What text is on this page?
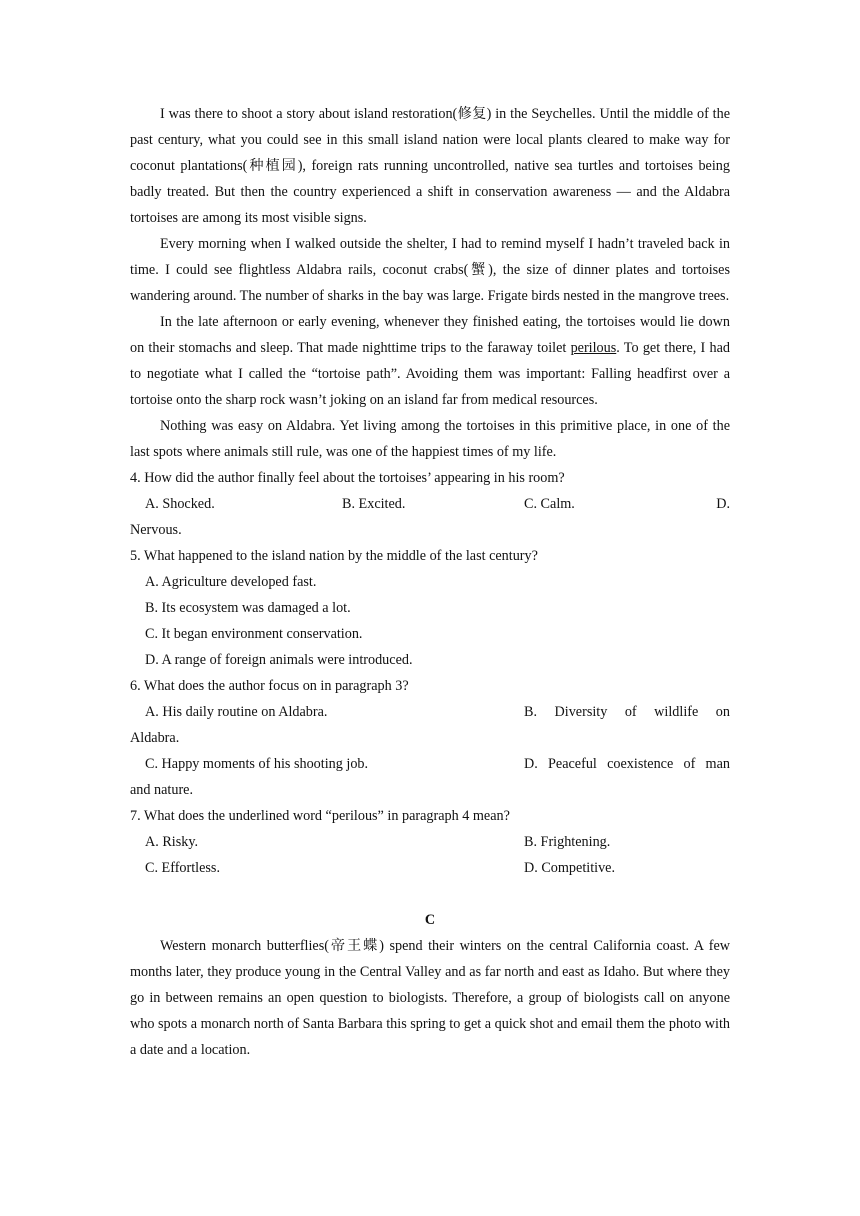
I was there to shoot a story about island restoration(修复) in the Seychelles. Until the middle of the past century, what you could see in this small island nation were local plants cleared to make way for coconut plantations(种植园), foreign rats running uncontrolled, native sea turtles and tortoises being badly treated. But then the country experienced a shift in conservation awareness — and the Aldabra tortoises are among its most visible signs.

Every morning when I walked outside the shelter, I had to remind myself I hadn’t traveled back in time. I could see flightless Aldabra rails, coconut crabs(蟹), the size of dinner plates and tortoises wandering around. The number of sharks in the bay was large. Frigate birds nested in the mangrove trees.

In the late afternoon or early evening, whenever they finished eating, the tortoises would lie down on their stomachs and sleep. That made nighttime trips to the faraway toilet perilous. To get there, I had to negotiate what I called the “tortoise path”. Avoiding them was important: Falling headfirst over a tortoise onto the sharp rock wasn’t joking on an island far from medical resources.

Nothing was easy on Aldabra. Yet living among the tortoises in this primitive place, in one of the last spots where animals still rule, was one of the happiest times of my life.

4. How did the author finally feel about the tortoises’ appearing in his room?

A. Shocked.	B. Excited.	C. Calm.	D.

Nervous.

5. What happened to the island nation by the middle of the last century?

A. Agriculture developed fast.

B. Its ecosystem was damaged a lot.

C. It began environment conservation.

D. A range of foreign animals were introduced.

6. What does the author focus on in paragraph 3?

A. His daily routine on Aldabra.	B. Diversity of wildlife on

Aldabra.

C. Happy moments of his shooting job.	D. Peaceful coexistence of man

and nature.

7. What does the underlined word “perilous” in paragraph 4 mean?

A. Risky.	B. Frightening.
C. Effortless.	D. Competitive.

C

Western monarch butterflies(帝王蝶) spend their winters on the central California coast. A few months later, they produce young in the Central Valley and as far north and east as Idaho. But where they go in between remains an open question to biologists. Therefore, a group of biologists call on anyone who spots a monarch north of Santa Barbara this spring to get a quick shot and email them the photo with a date and a location.
